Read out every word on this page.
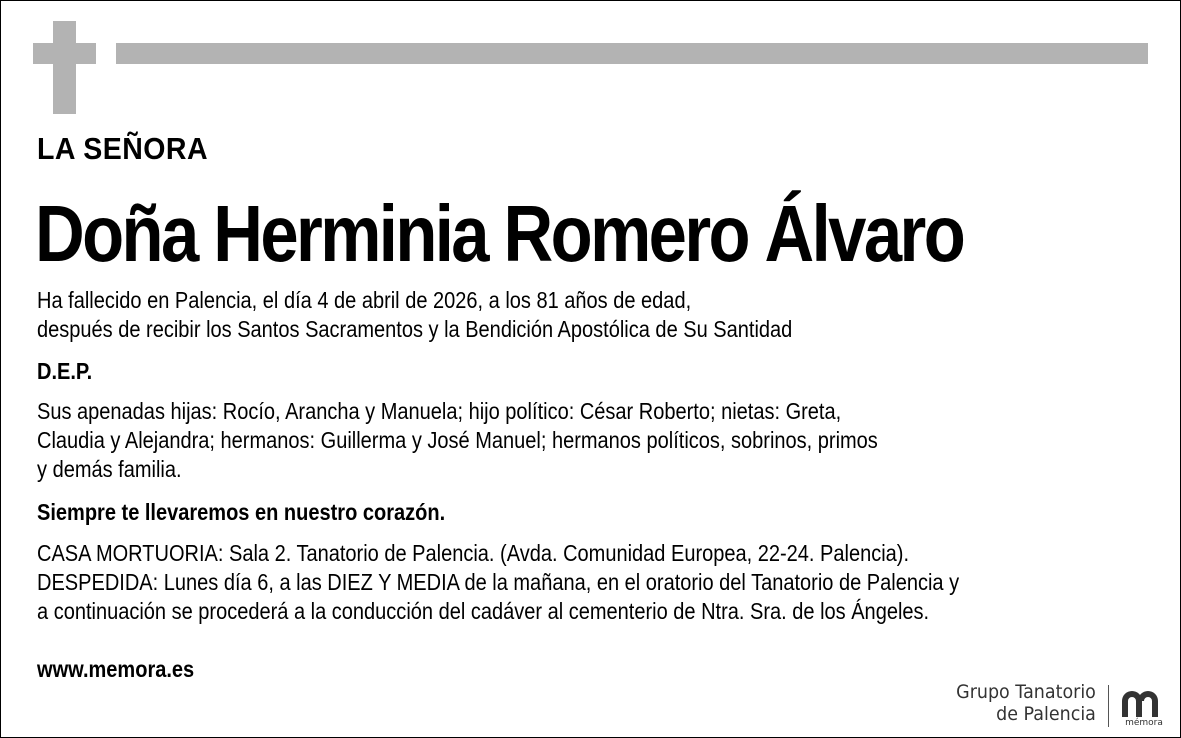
LA SEÑORA
Doña Herminia Romero Álvaro
Ha fallecido en Palencia, el día 4 de abril de 2026, a los 81 años de edad,
después de recibir los Santos Sacramentos y la Bendición Apostólica de Su Santidad
D.E.P.
Sus apenadas hijas: Rocío, Arancha y Manuela; hijo político: César Roberto; nietas: Greta,
Claudia y Alejandra; hermanos: Guillerma y José Manuel; hermanos políticos, sobrinos, primos
y demás familia.
Siempre te llevaremos en nuestro corazón.
CASA MORTUORIA: Sala 2. Tanatorio de Palencia. (Avda. Comunidad Europea, 22-24. Palencia).
DESPEDIDA: Lunes día 6, a las DIEZ Y MEDIA de la mañana, en el oratorio del Tanatorio de Palencia y
a continuación se procederá a la conducción del cadáver al cementerio de Ntra. Sra. de los Ángeles.
www.memora.es
Grupo Tanatorio
de Palencia	mémora
